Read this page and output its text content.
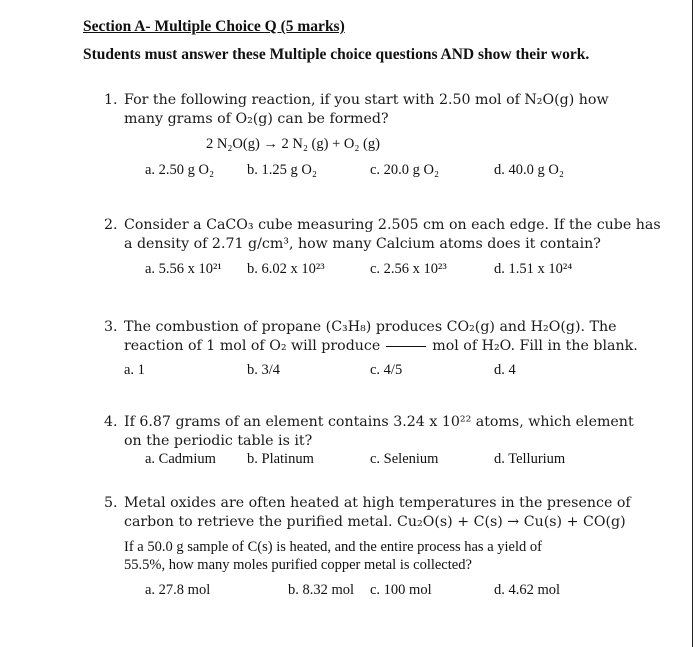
Section A- Multiple Choice Q (5 marks)
Students must answer these Multiple choice questions AND show their work.
1. For the following reaction, if you start with 2.50 mol of N₂O(g) how
many grams of O₂(g) can be formed?
2 N₂O(g) → 2 N₂ (g) + O₂ (g)
a. 2.50 g O₂ b. 1.25 g O₂	c. 20.0 g O₂	d. 40.0 g O₂
2. Consider a CaCO₃ cube measuring 2.505 cm on each edge. If the cube has
a density of 2.71 g/cm³, how many Calcium atoms does it contain?
a. 5.56 x 10²¹ b. 6.02 x 10²³	c. 2.56 x 10²³	d. 1.51 x 10²⁴
3. The combustion of propane (C₃H₈) produces CO₂(g) and H₂O(g). The
reaction of 1 mol of O₂ will produce	mol of H₂O. Fill in the blank.
a. 1	b. 3/4	c. 4/5	d. 4
4. If 6.87 grams of an element contains 3.24 x 10²² atoms, which element
on the periodic table is it?
a. Cadmium b. Platinum	c. Selenium	d. Tellurium
5. Metal oxides are often heated at high temperatures in the presence of
carbon to retrieve the purified metal. Cu₂O(s) + C(s) → Cu(s) + CO(g)
If a 50.0 g sample of C(s) is heated, and the entire process has a yield of
55.5%, how many moles purified copper metal is collected?
a. 27.8 mol	b. 8.32 mol c. 100 mol	d. 4.62 mol
